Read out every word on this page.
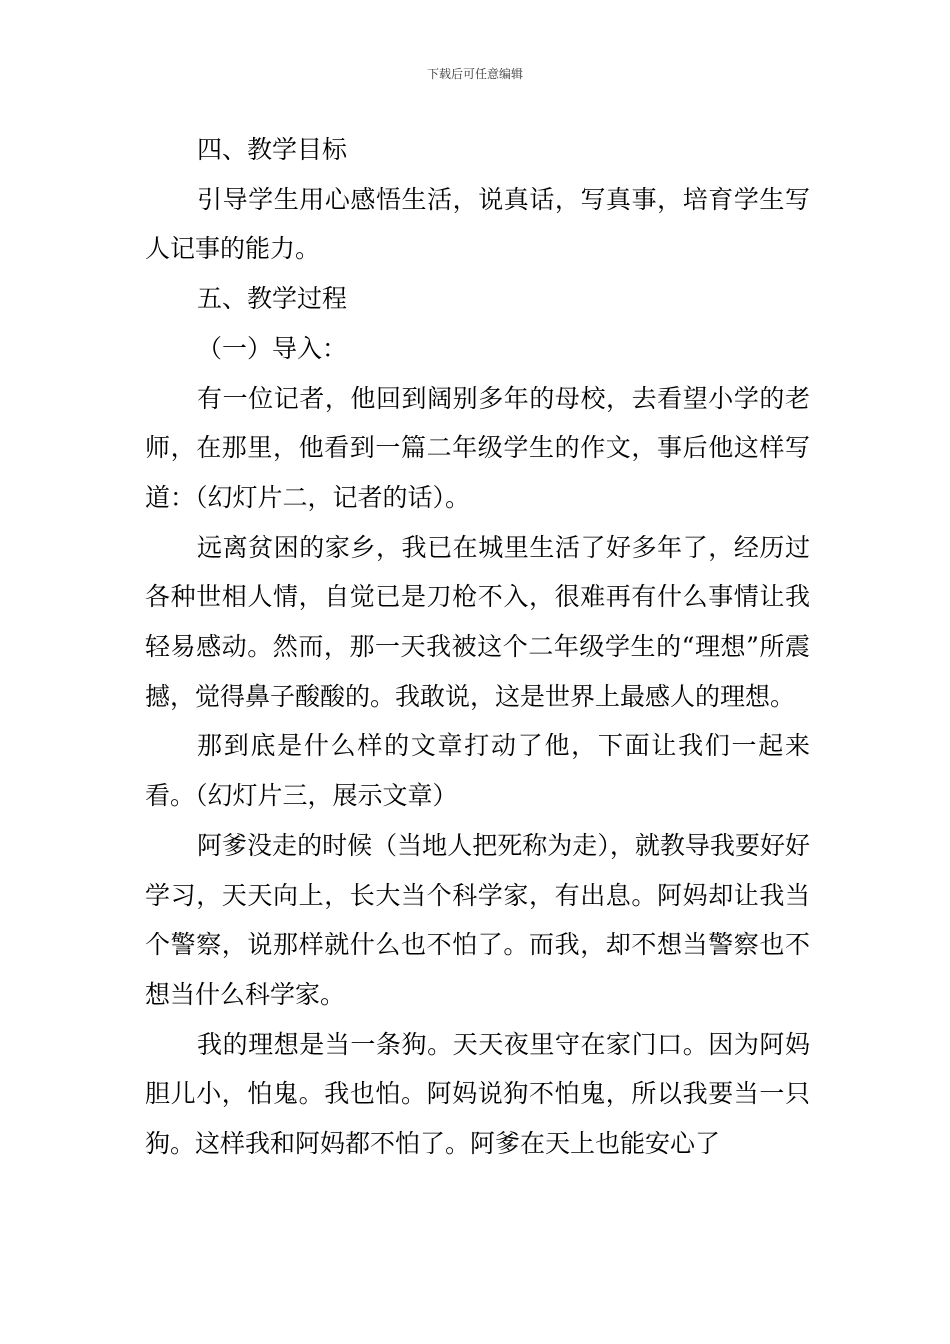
下载后可任意编辑

四、教学目标

引导学生用心感悟生活，说真话，写真事，培育学生写人记事的能力。

五、教学过程

（一）导入：

有一位记者，他回到阔别多年的母校，去看望小学的老师，在那里，他看到一篇二年级学生的作文，事后他这样写道：（幻灯片二，记者的话）。

远离贫困的家乡，我已在城里生活了好多年了，经历过各种世相人情，自觉已是刀枪不入，很难再有什么事情让我轻易感动。然而，那一天我被这个二年级学生的“理想”所震撼，觉得鼻子酸酸的。我敢说，这是世界上最感人的理想。

那到底是什么样的文章打动了他，下面让我们一起来看。（幻灯片三，展示文章）

阿爹没走的时候（当地人把死称为走），就教导我要好好学习，天天向上，长大当个科学家，有出息。阿妈却让我当个警察，说那样就什么也不怕了。而我，却不想当警察也不想当什么科学家。

我的理想是当一条狗。天天夜里守在家门口。因为阿妈胆儿小，怕鬼。我也怕。阿妈说狗不怕鬼，所以我要当一只狗。这样我和阿妈都不怕了。阿爹在天上也能安心了
